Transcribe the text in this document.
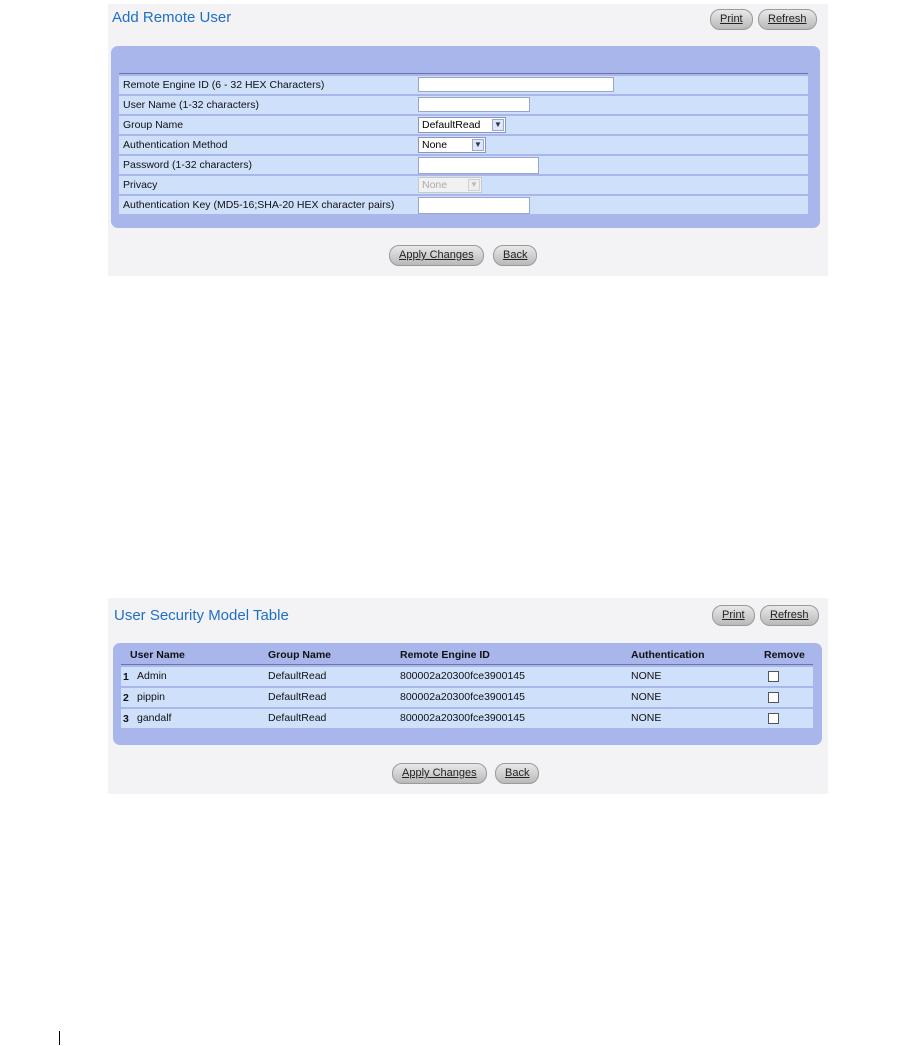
Add Remote User	Print	Refresh
Remote Engine ID (6 - 32 HEX Characters)
User Name (1-32 characters)
Group Name	DefaultRead ▼
Authentication Method	None	▼
Password (1-32 characters)
Privacy	None	▼
Authentication Key (MD5-16;SHA-20 HEX character pairs)
Apply Changes	Back
User Security Model Table	Print	Refresh
User Name	Group Name	Remote Engine ID	Authentication	Remove
1 Admin	DefaultRead	800002a20300fce3900145	NONE
2 pippin	DefaultRead	800002a20300fce3900145	NONE
3 gandalf	DefaultRead	800002a20300fce3900145	NONE
Apply Changes	Back
